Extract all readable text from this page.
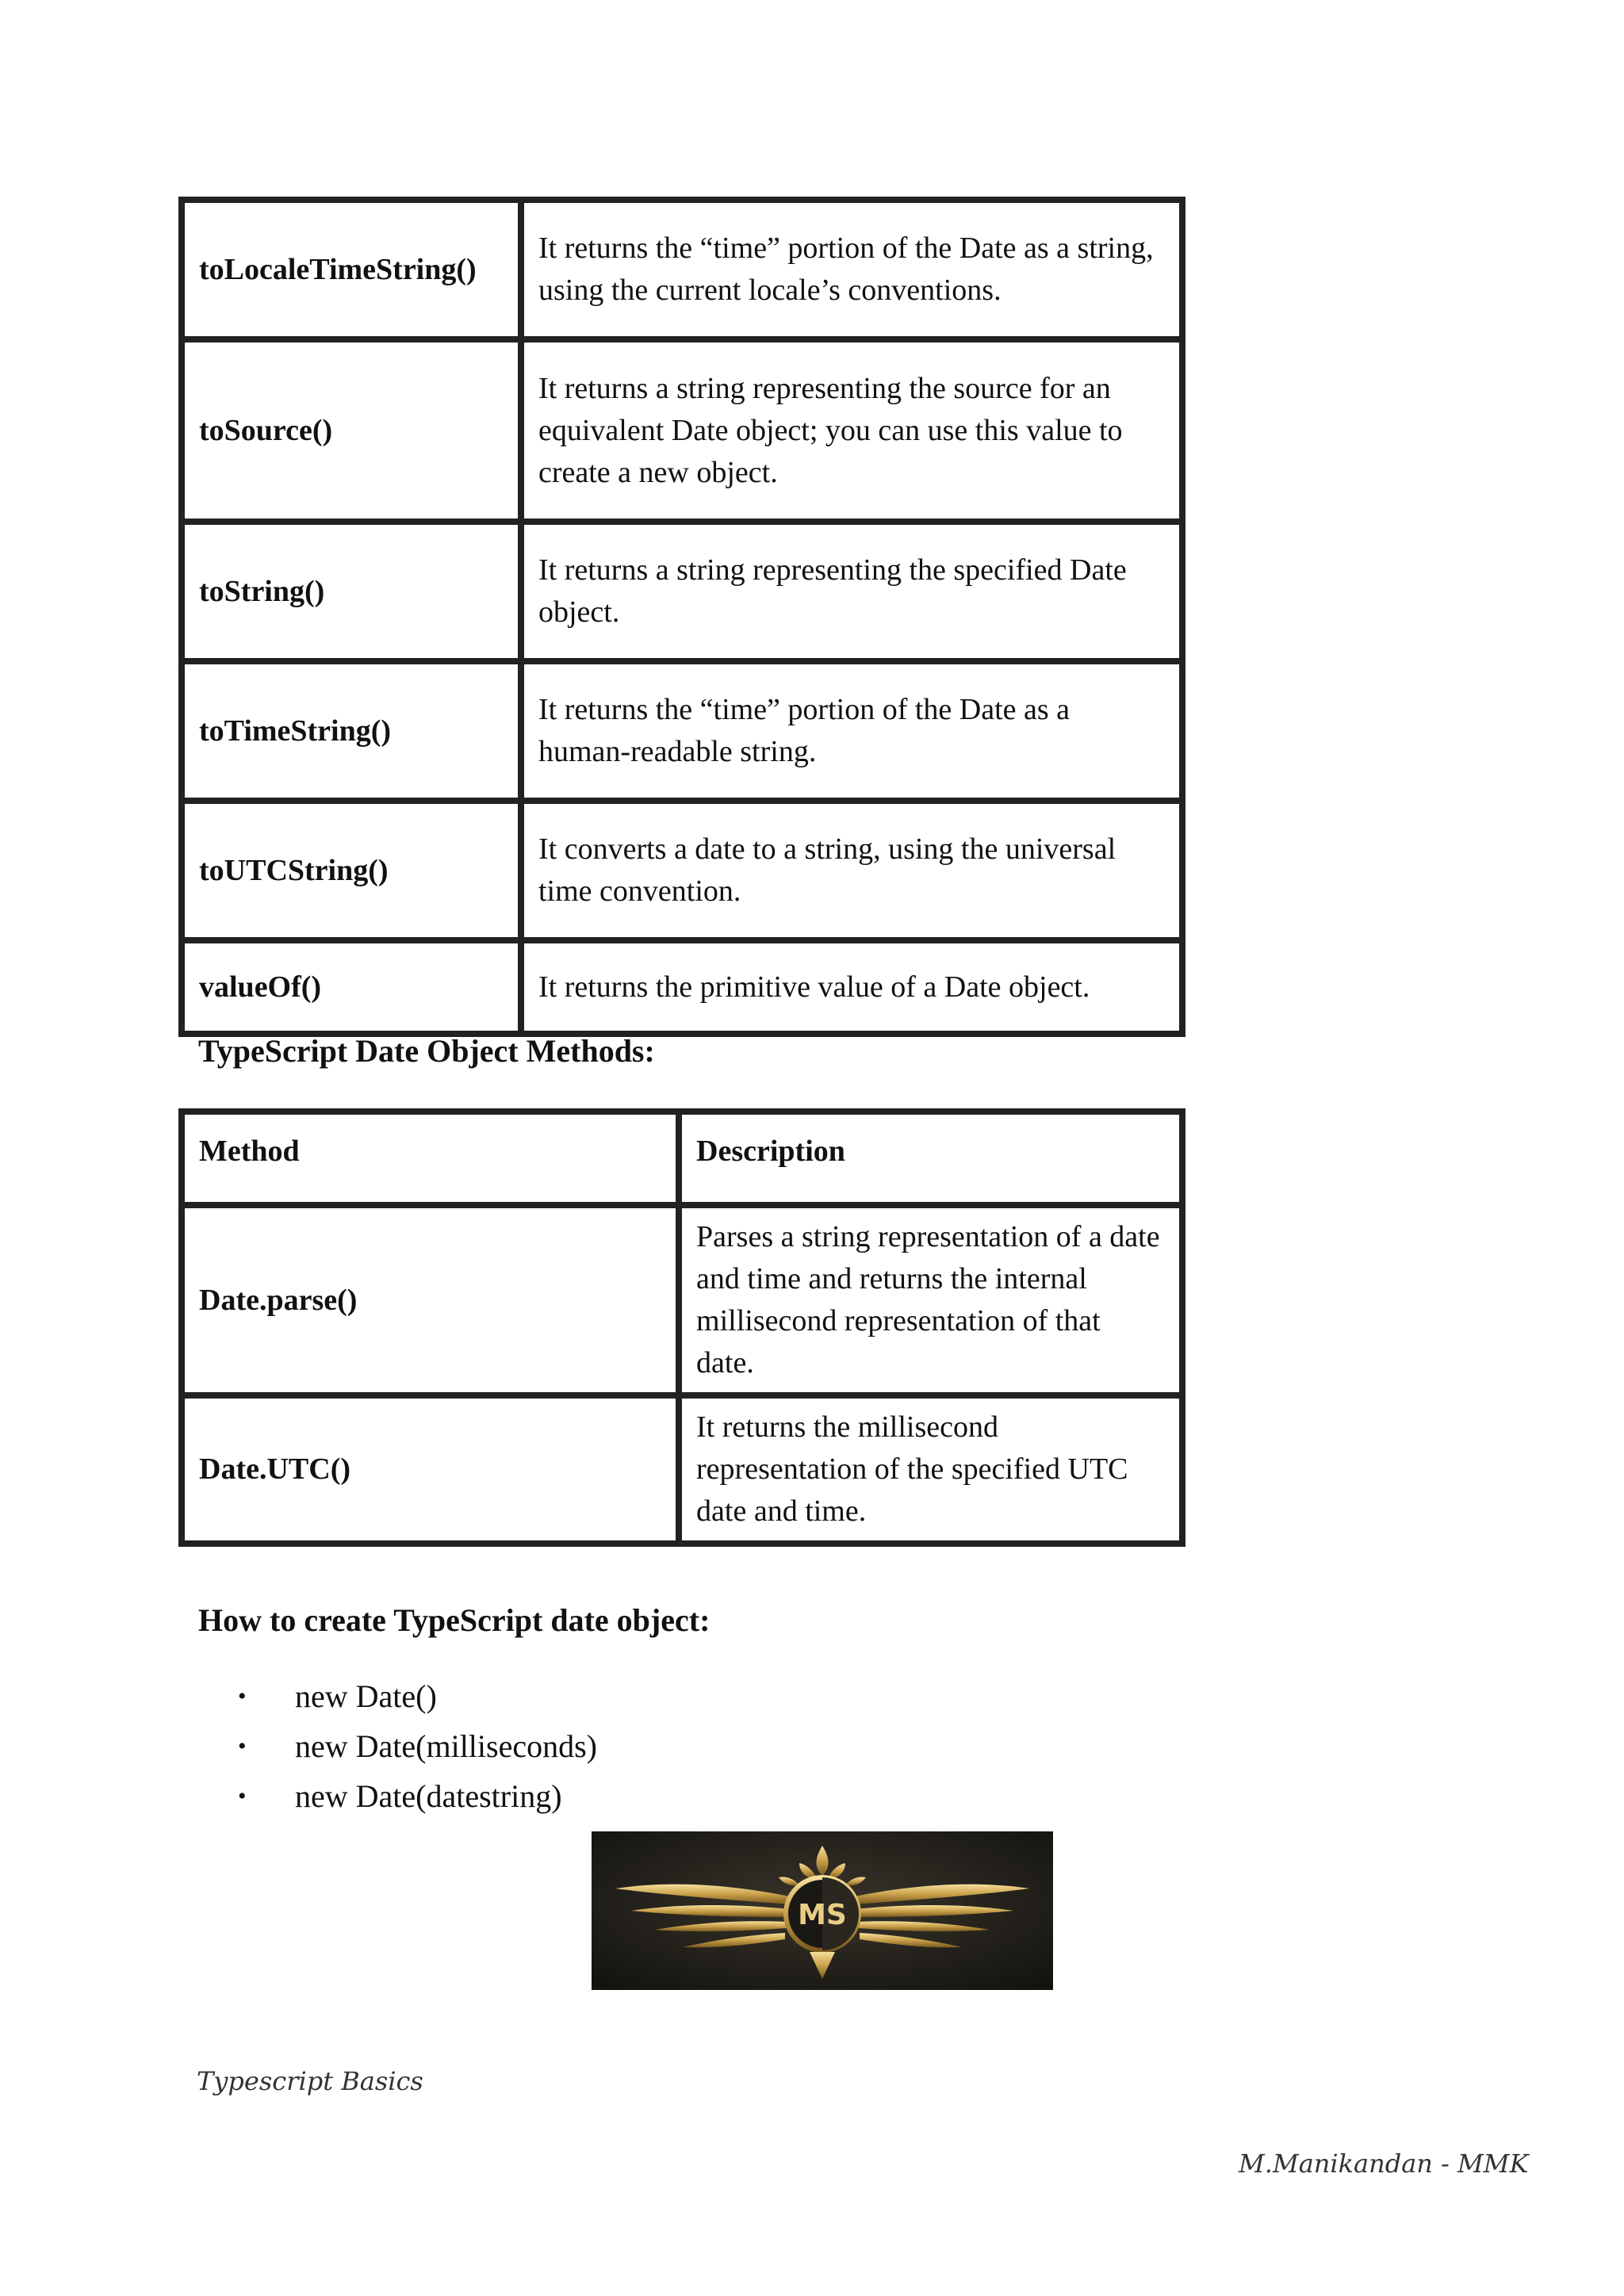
toLocaleTimeString()	It returns the “time” portion of the Date as a string, using the current locale’s conventions.
toSource()	It returns a string representing the source for an equivalent Date object; you can use this value to create a new object.
toString()	It returns a string representing the specified Date object.
toTimeString()	It returns the “time” portion of the Date as a human-readable string.
toUTCString()	It converts a date to a string, using the universal time convention.
valueOf()	It returns the primitive value of a Date object.
TypeScript Date Object Methods:
Method	Description
Date.parse()	Parses a string representation of a date and time and returns the internal millisecond representation of that date.
Date.UTC()	It returns the millisecond representation of the specified UTC date and time.
How to create TypeScript date object:
• new Date()
• new Date(milliseconds)
• new Date(datestring)
MS
Typescript Basics
M.Manikandan - MMK
